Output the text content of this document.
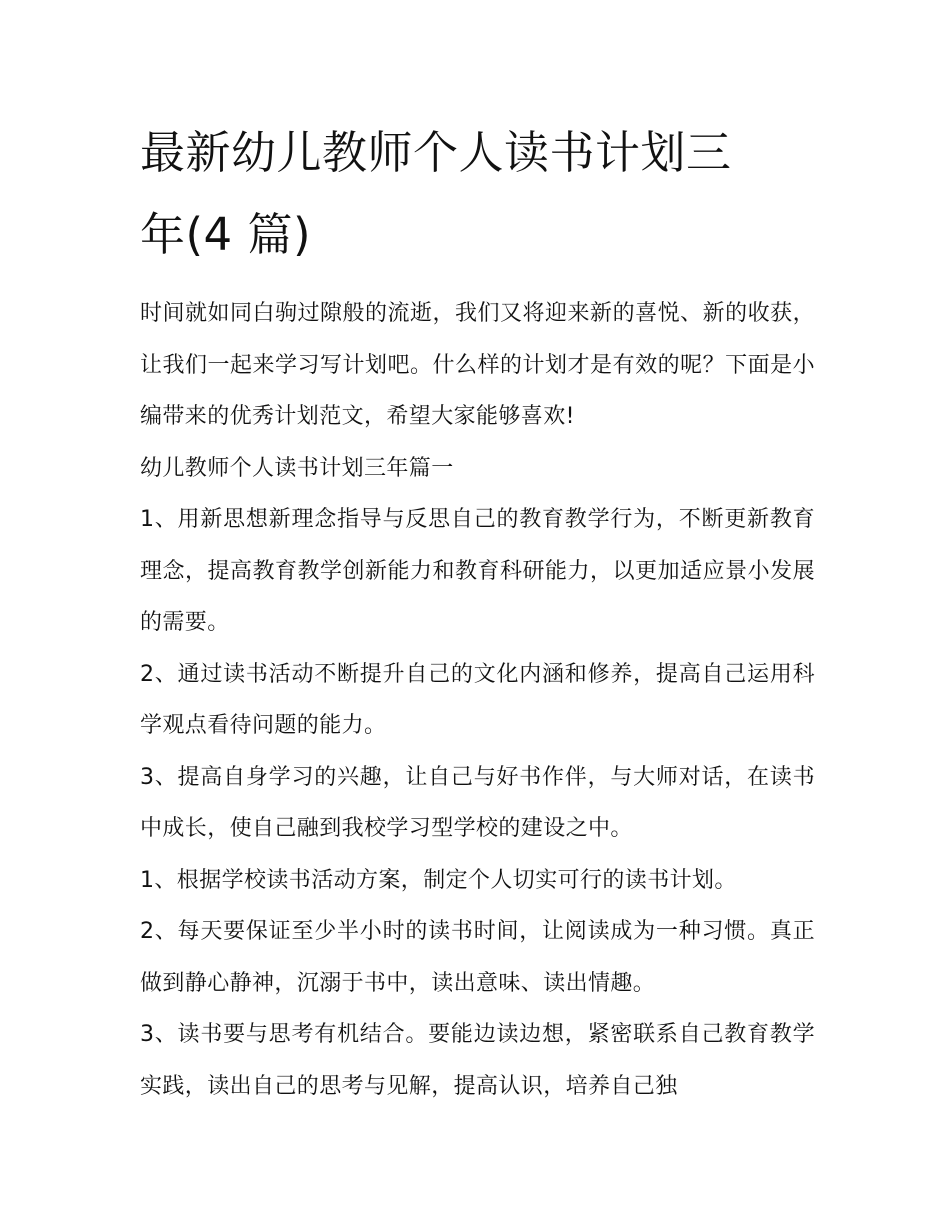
最新幼儿教师个人读书计划三
年(4 篇)

时间就如同白驹过隙般的流逝，我们又将迎来新的喜悦、新的收获，让我们一起来学习写计划吧。什么样的计划才是有效的呢？下面是小编带来的优秀计划范文，希望大家能够喜欢!

幼儿教师个人读书计划三年篇一

1、用新思想新理念指导与反思自己的教育教学行为，不断更新教育理念，提高教育教学创新能力和教育科研能力，以更加适应景小发展的需要。

2、通过读书活动不断提升自己的文化内涵和修养，提高自己运用科学观点看待问题的能力。

3、提高自身学习的兴趣，让自己与好书作伴，与大师对话，在读书中成长，使自己融到我校学习型学校的建设之中。

1、根据学校读书活动方案，制定个人切实可行的读书计划。

2、每天要保证至少半小时的读书时间，让阅读成为一种习惯。真正做到静心静神，沉溺于书中，读出意味、读出情趣。

3、读书要与思考有机结合。要能边读边想，紧密联系自己教育教学实践，读出自己的思考与见解，提高认识，培养自己独
